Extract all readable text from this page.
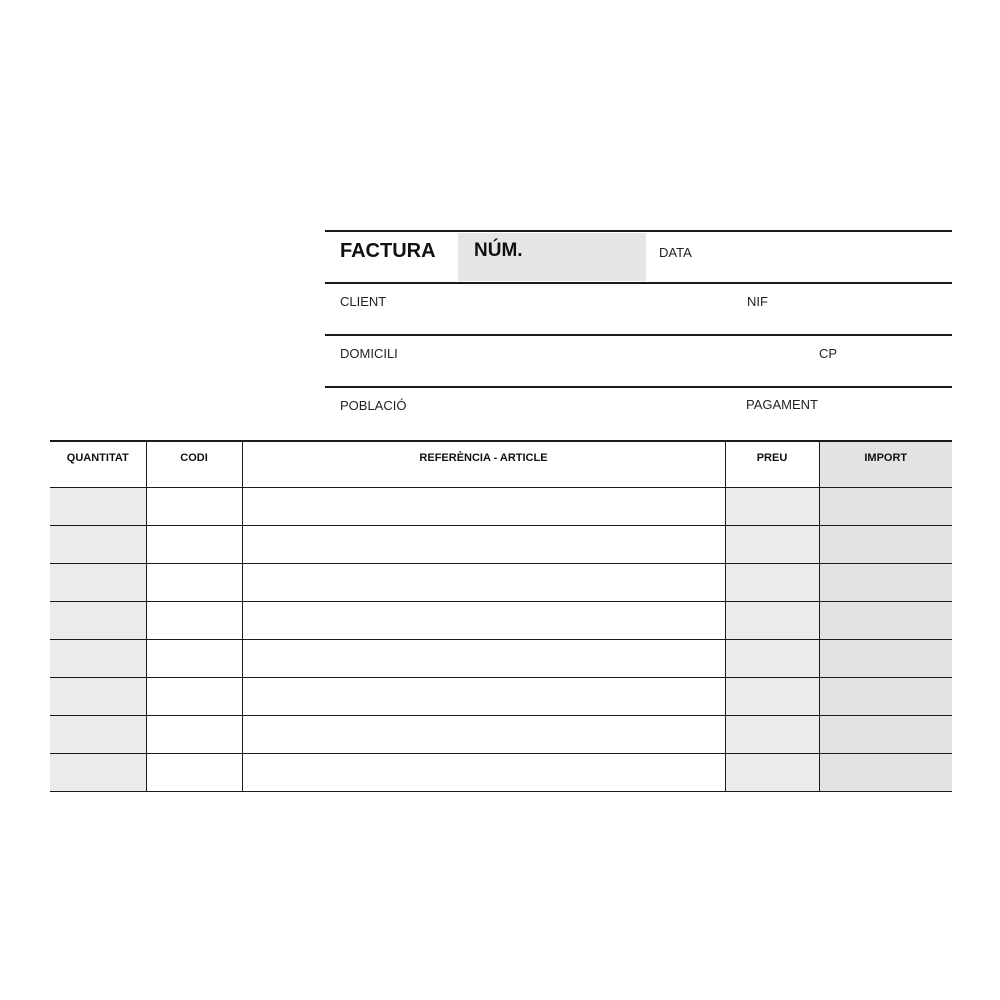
FACTURA NÚM.	DATA
CLIENT	NIF
DOMICILI	CP
POBLACIÓ	PAGAMENT
QUANTITAT	CODI	REFERÈNCIA - ARTICLE	PREU	IMPORT
